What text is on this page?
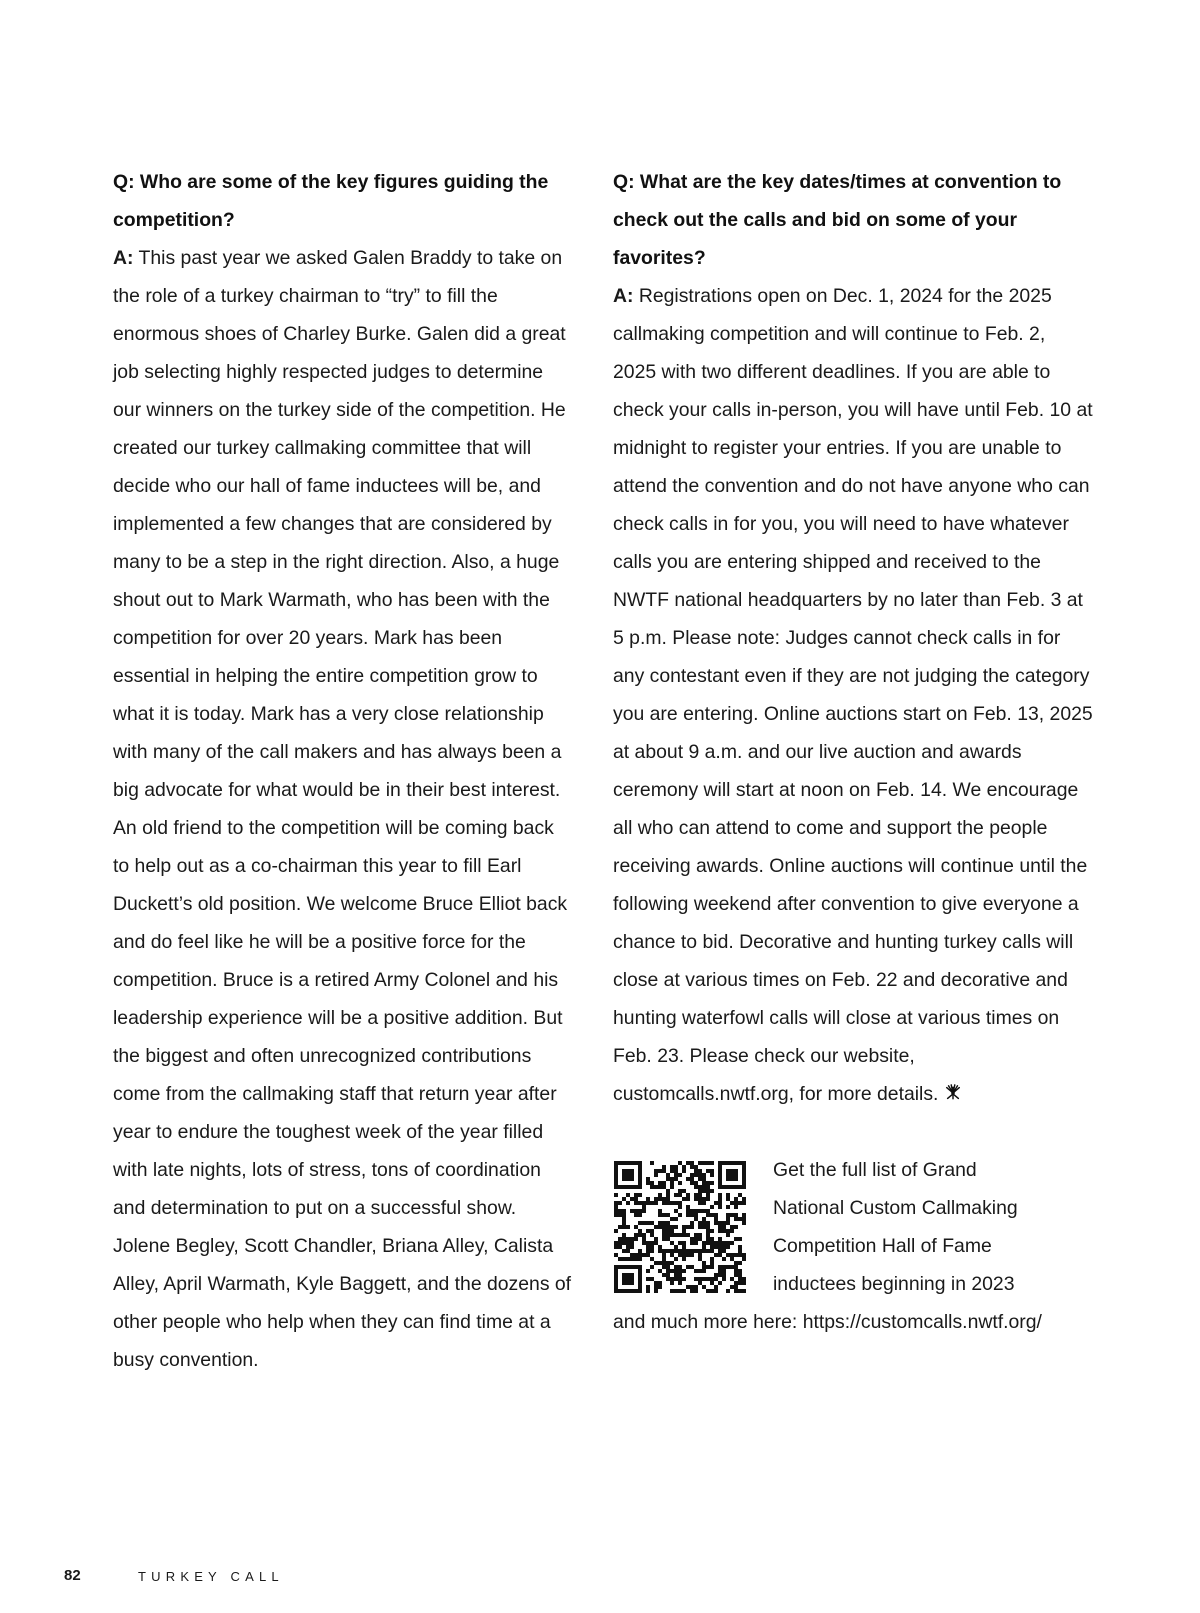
Q: Who are some of the key figures guiding the competition?

A: This past year we asked Galen Braddy to take on the role of a turkey chairman to “try” to fill the enormous shoes of Charley Burke. Galen did a great job selecting highly respected judges to determine our winners on the turkey side of the competition. He created our turkey callmaking committee that will decide who our hall of fame inductees will be, and implemented a few changes that are considered by many to be a step in the right direction. Also, a huge shout out to Mark Warmath, who has been with the competition for over 20 years. Mark has been essential in helping the entire competition grow to what it is today. Mark has a very close relationship with many of the call makers and has always been a big advocate for what would be in their best interest. An old friend to the competition will be coming back to help out as a co-chairman this year to fill Earl Duckett’s old position. We welcome Bruce Elliot back and do feel like he will be a positive force for the competition. Bruce is a retired Army Colonel and his leadership experience will be a positive addition. But the biggest and often unrecognized contributions come from the callmaking staff that return year after year to endure the toughest week of the year filled with late nights, lots of stress, tons of coordination and determination to put on a successful show. Jolene Begley, Scott Chandler, Briana Alley, Calista Alley, April Warmath, Kyle Baggett, and the dozens of other people who help when they can find time at a busy convention.

Q: What are the key dates/times at convention to check out the calls and bid on some of your favorites?

A: Registrations open on Dec. 1, 2024 for the 2025 callmaking competition and will continue to Feb. 2, 2025 with two different deadlines. If you are able to check your calls in-person, you will have until Feb. 10 at midnight to register your entries. If you are unable to attend the convention and do not have anyone who can check calls in for you, you will need to have whatever calls you are entering shipped and received to the NWTF national headquarters by no later than Feb. 3 at 5 p.m. Please note: Judges cannot check calls in for any contestant even if they are not judging the category you are entering. Online auctions start on Feb. 13, 2025 at about 9 a.m. and our live auction and awards ceremony will start at noon on Feb. 14. We encourage all who can attend to come and support the people receiving awards. Online auctions will continue until the following weekend after convention to give everyone a chance to bid. Decorative and hunting turkey calls will close at various times on Feb. 22 and decorative and hunting waterfowl calls will close at various times on Feb. 23. Please check our website, customcalls.nwtf.org, for more details.

Get the full list of Grand
National Custom Callmaking
Competition Hall of Fame
inductees beginning in 2023
and much more here: https://customcalls.nwtf.org/

82	TURKEY CALL
